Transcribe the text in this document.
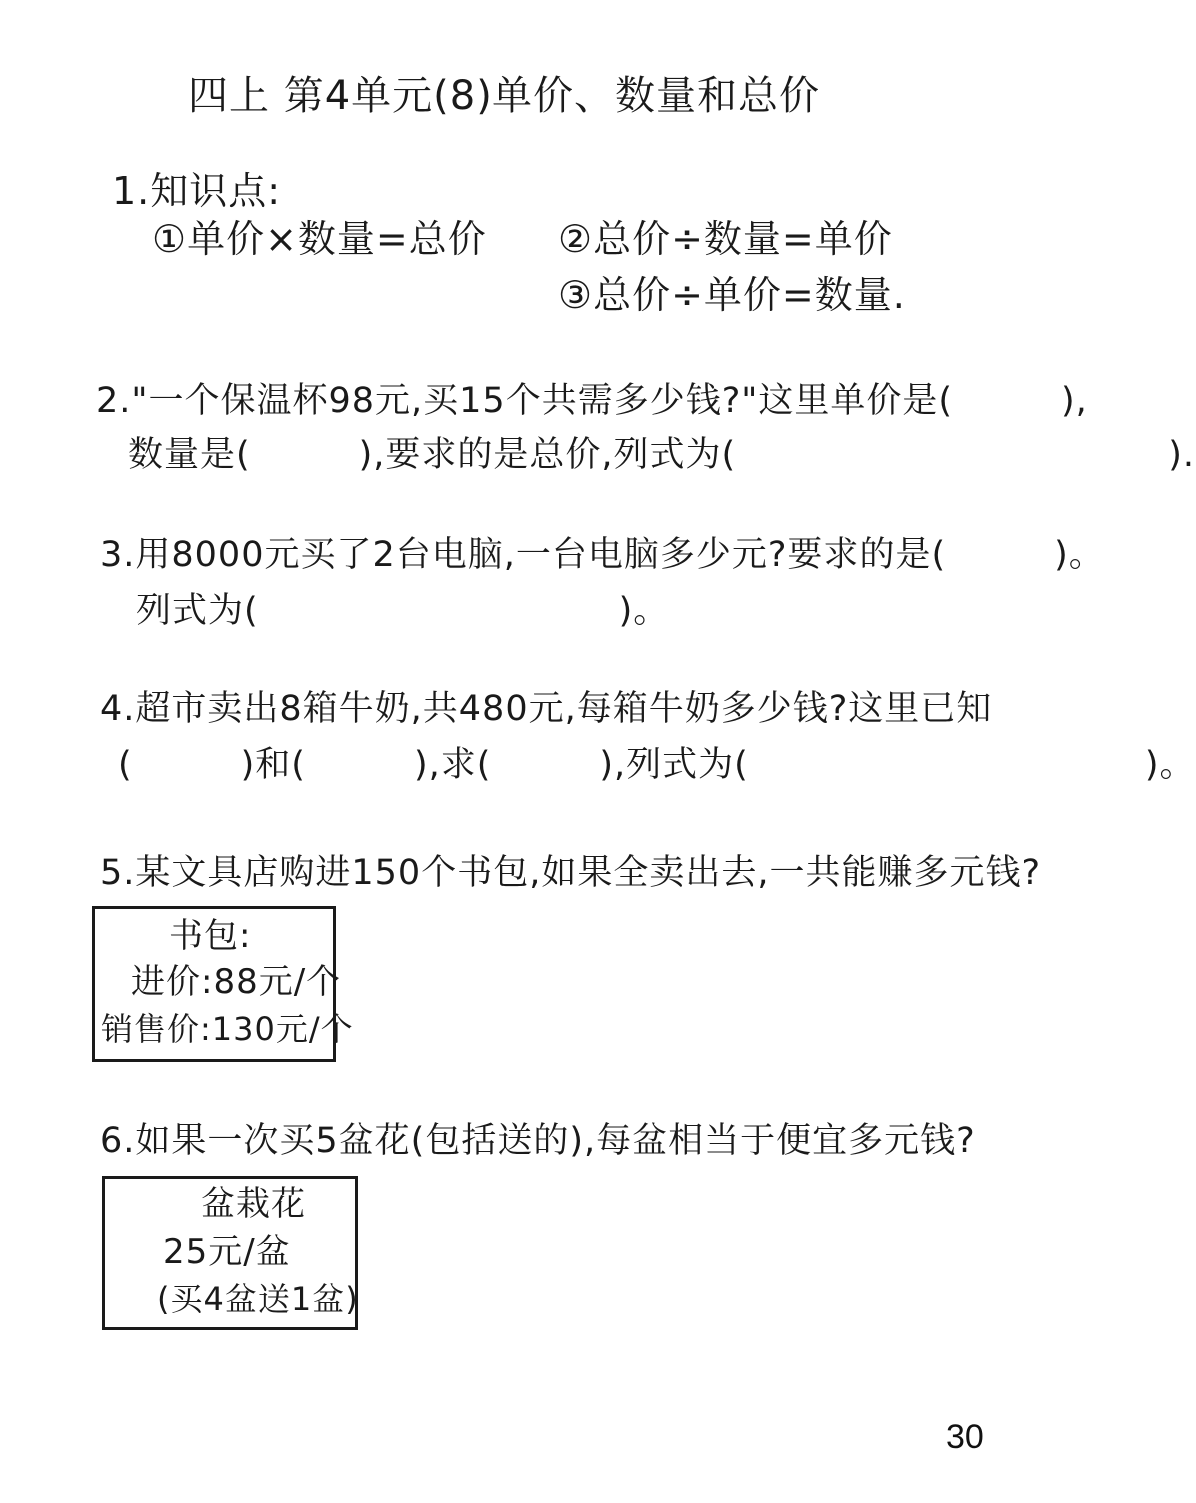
四上 第4单元(8) 单价、数量和总价
1.知识点:
①单价×数量=总价 ②总价÷数量=单价
③总价÷单价=数量.
2."一个保温杯98元,买15个共需多少钱?"这里单价是(　　　),
数量是(　　　),要求的是总价,列式为(　　　　　　　　　　　　).
3.用8000元买了2台电脑,一台电脑多少元?要求的是(　　　)。
列式为(　　　　　　　　　　)。
4.超市卖出8箱牛奶,共480元,每箱牛奶多少钱?这里已知
(　　　)和(　　　),求(　　　),列式为(　　　　　　　　　　　)。
5.某文具店购进150个书包,如果全卖出去,一共能赚多元钱?
书包:
进价:88元/个
销售价:130元/个
6.如果一次买5盆花(包括送的),每盆相当于便宜多元钱?
盆栽花
25元/盆
(买4盆送1盆)
30
